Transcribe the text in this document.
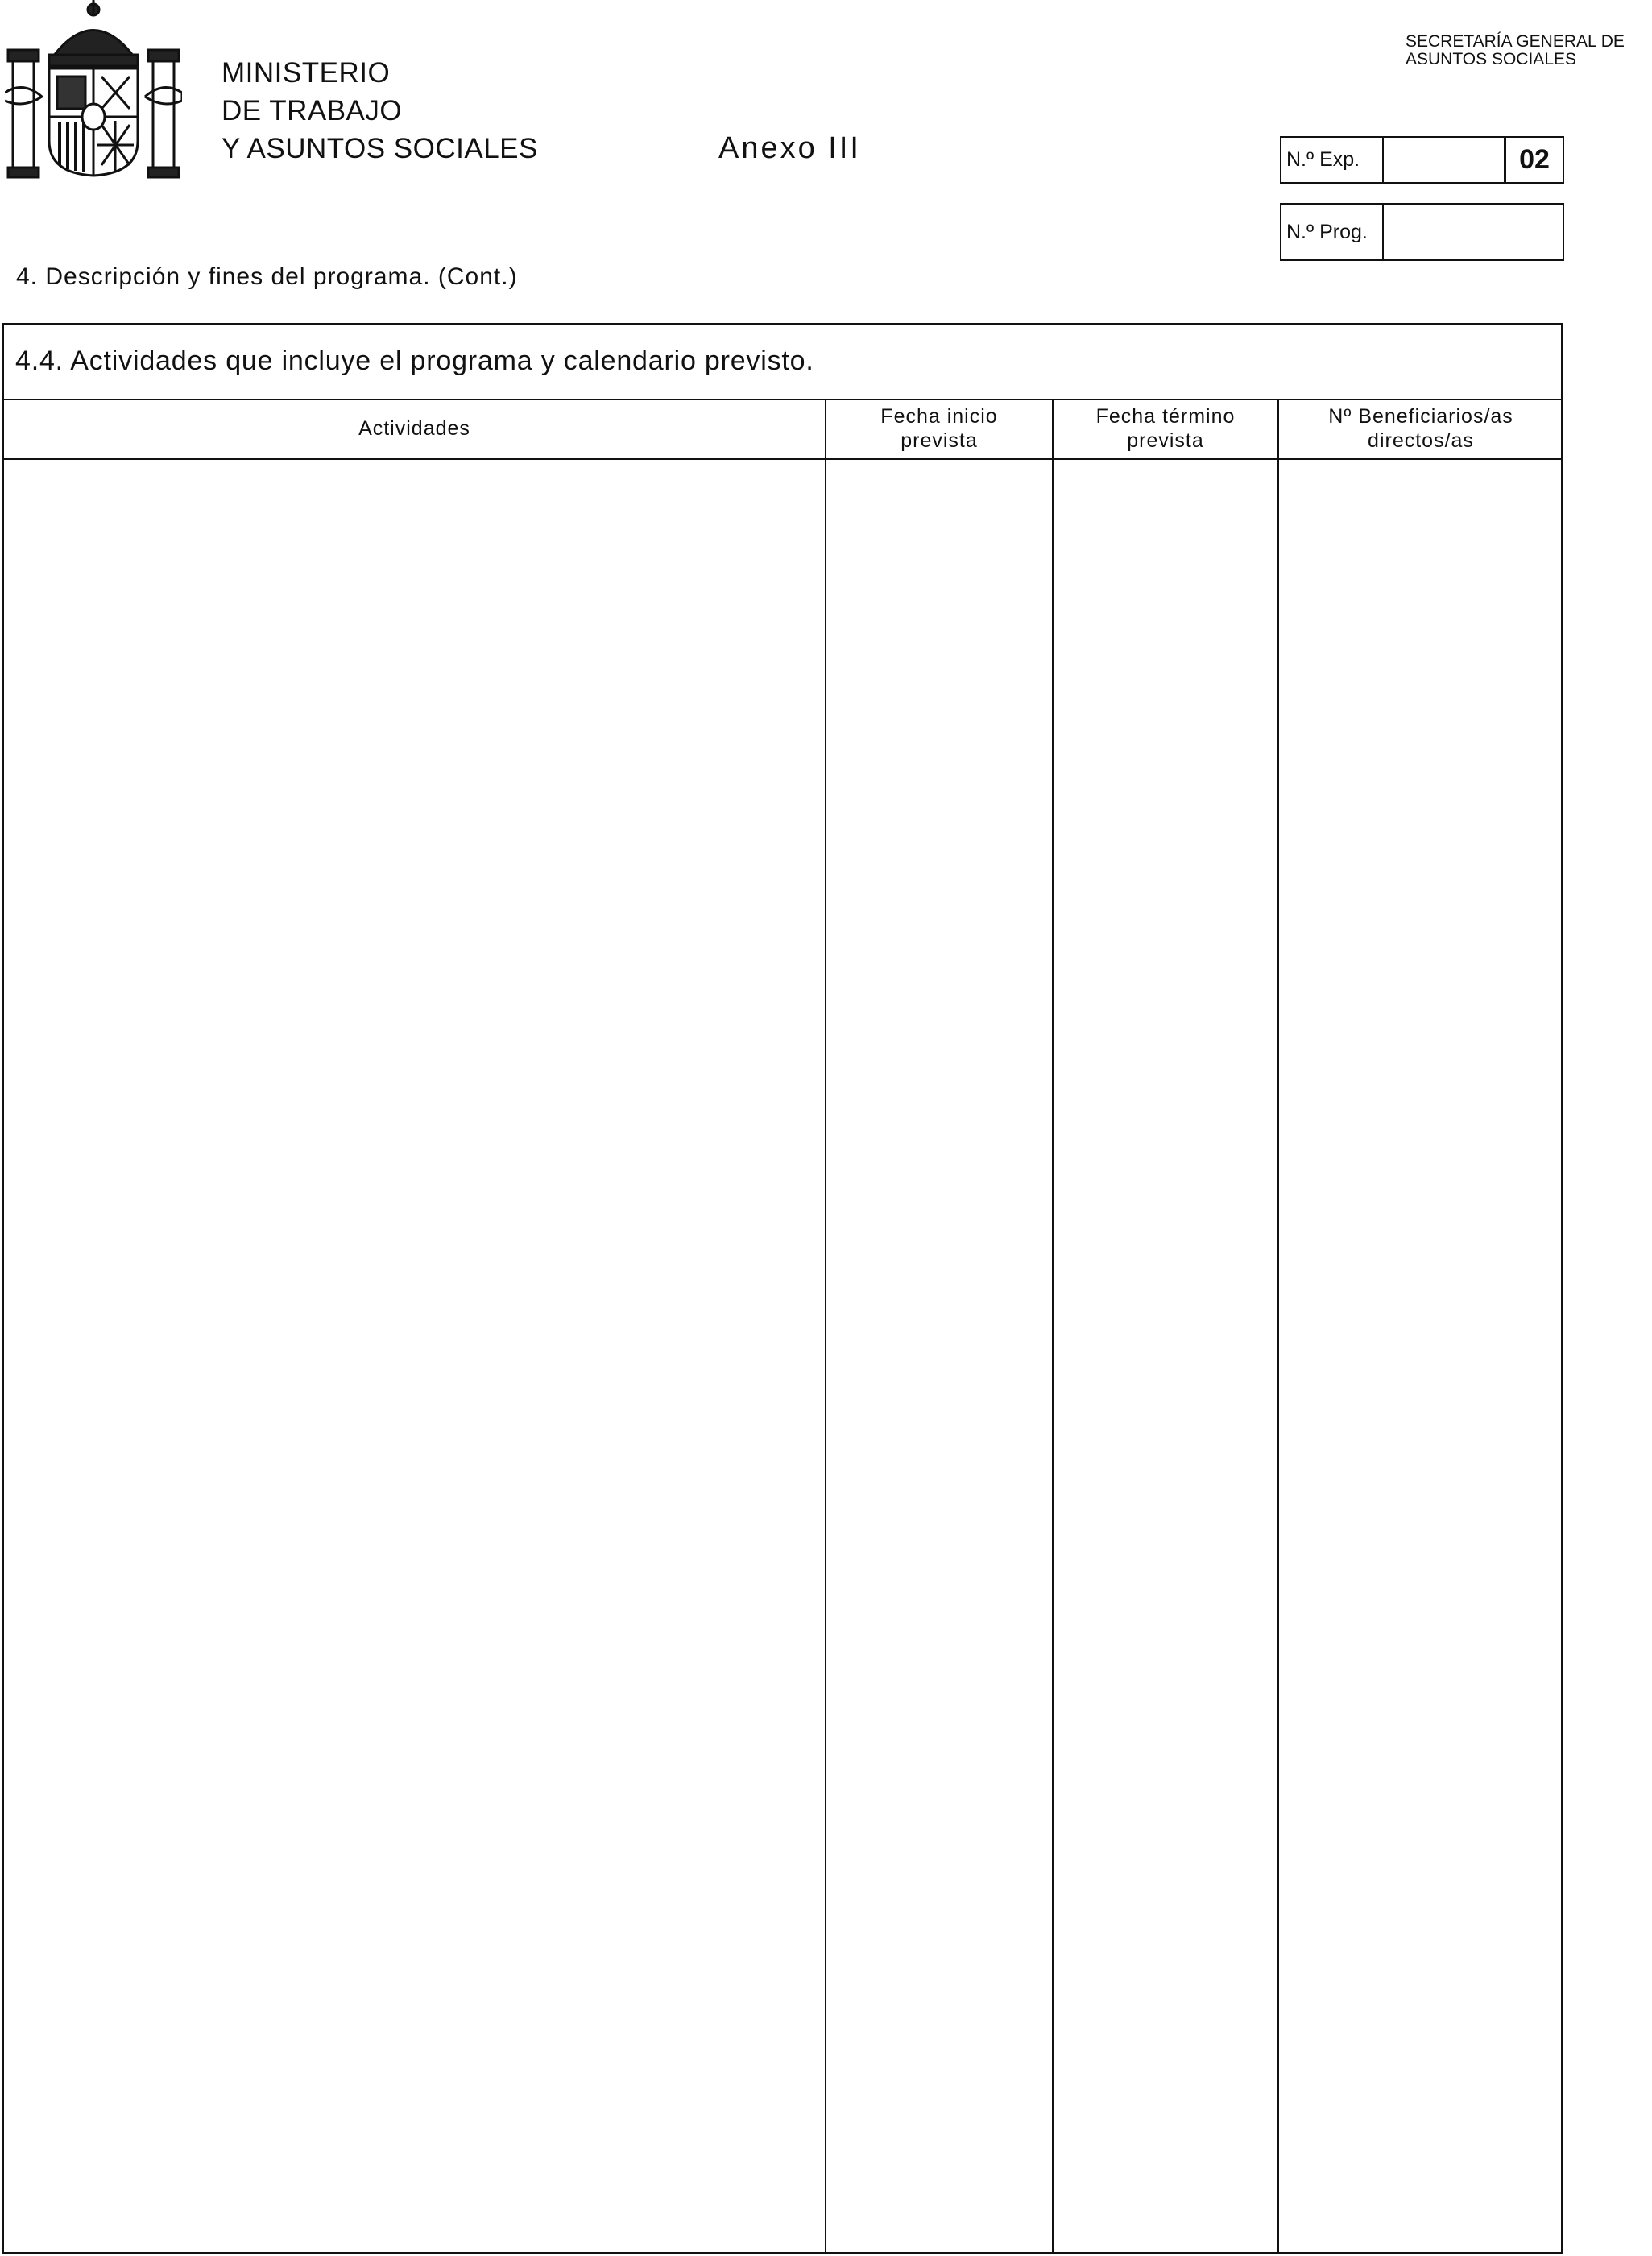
MINISTERIO
DE TRABAJO
Y ASUNTOS SOCIALES	Anexo III
SECRETARÍA GENERAL DE
ASUNTOS SOCIALES
N.º Exp.	02
N.º Prog.
4. Descripción y fines del programa. (Cont.)
4.4. Actividades que incluye el programa y calendario previsto.
Actividades
Fecha inicio
prevista
Fecha término
prevista
Nº Beneficiarios/as
directos/as
